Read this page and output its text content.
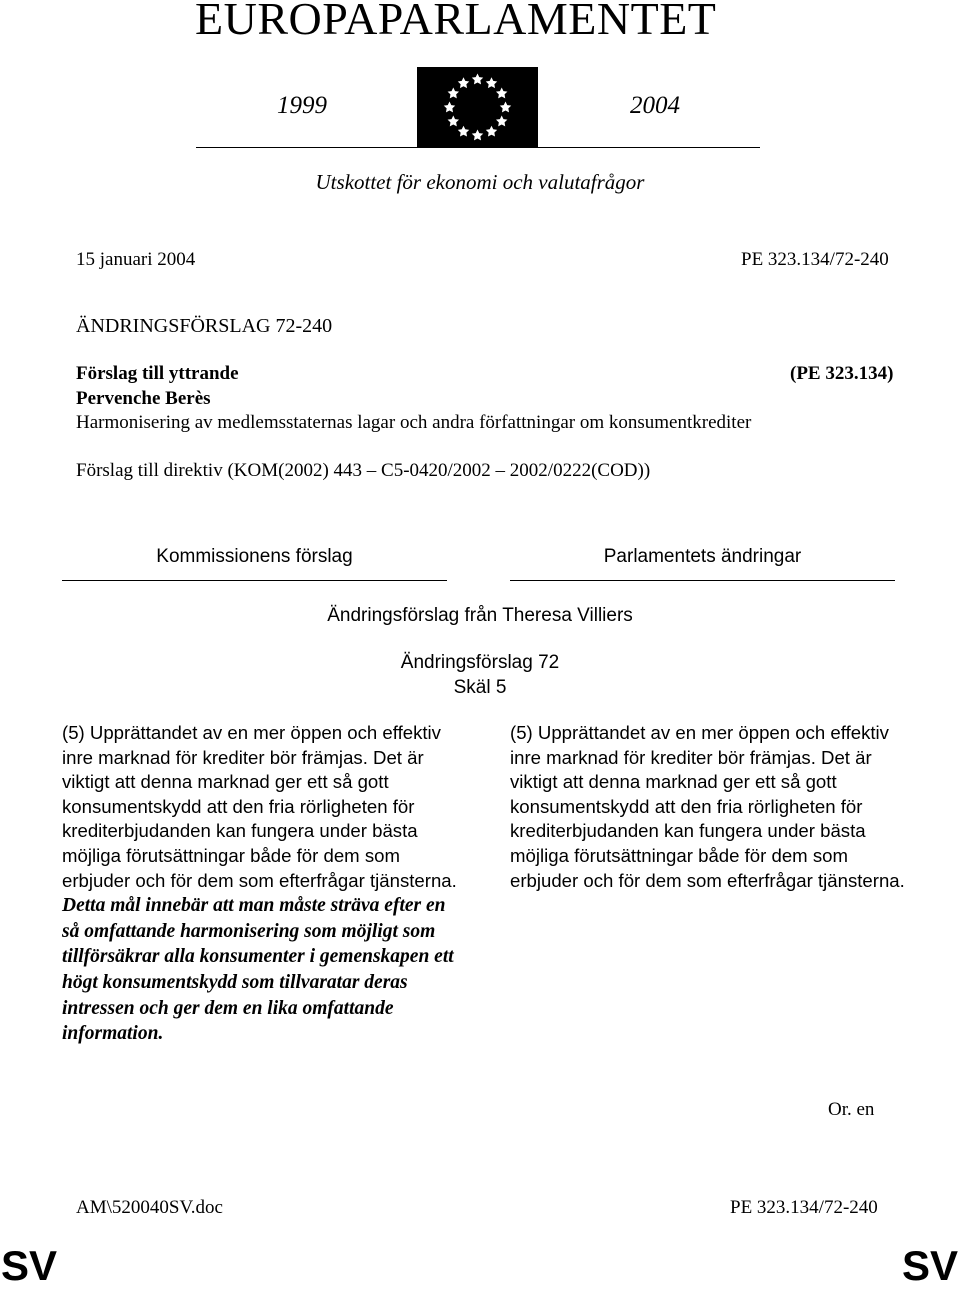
EUROPAPARLAMENTET
1999	2004
Utskottet för ekonomi och valutafrågor
15 januari 2004	PE 323.134/72-240
ÄNDRINGSFÖRSLAG 72-240
Förslag till yttrande	(PE 323.134)
Pervenche Berès
Harmonisering av medlemsstaternas lagar och andra författningar om konsumentkrediter
Förslag till direktiv (KOM(2002) 443 – C5-0420/2002 – 2002/0222(COD))
Kommissionens förslag	Parlamentets ändringar
Ändringsförslag från Theresa Villiers
Ändringsförslag 72
Skäl 5

(5) Upprättandet av en mer öppen och effektiv inre marknad för krediter bör främjas. Det är viktigt att denna marknad ger ett så gott konsumentskydd att den fria rörligheten för krediterbjudanden kan fungera under bästa möjliga förutsättningar både för dem som erbjuder och för dem som efterfrågar tjänsterna. Detta mål innebär att man måste sträva efter en så omfattande harmonisering som möjligt som tillförsäkrar alla konsumenter i gemenskapen ett högt konsumentskydd som tillvaratar deras intressen och ger dem en lika omfattande information.

(5) Upprättandet av en mer öppen och effektiv inre marknad för krediter bör främjas. Det är viktigt att denna marknad ger ett så gott konsumentskydd att den fria rörligheten för krediterbjudanden kan fungera under bästa möjliga förutsättningar både för dem som erbjuder och för dem som efterfrågar tjänsterna.

Or. en
AM\520040SV.doc	PE 323.134/72-240
SV	SV
